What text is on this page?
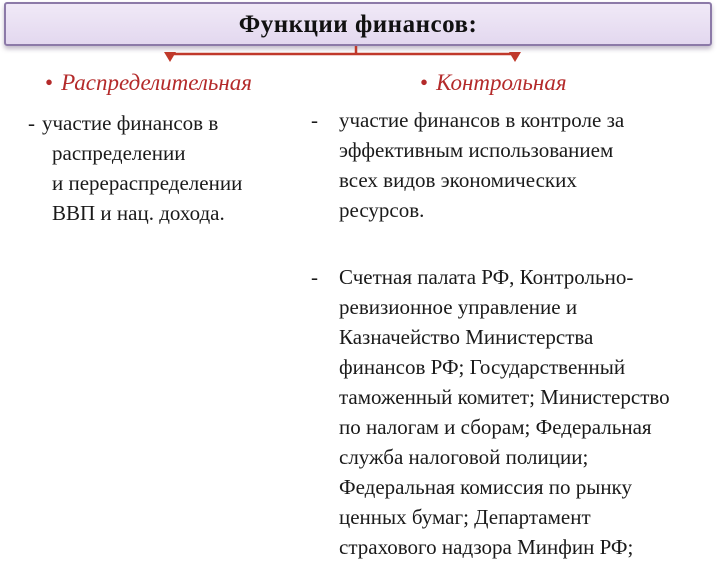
Функции финансов:
• Распределительная	• Контрольная
- участие финансов в
распределении
и перераспределении
ВВП и нац. дохода.
-	участие финансов в контроле за
эффективным использованием
всех видов экономических
ресурсов.
-	Счетная палата РФ, Контрольно-
ревизионное управление и
Казначейство Министерства
финансов РФ; Государственный
таможенный комитет; Министерство
по налогам и сборам; Федеральная
служба налоговой полиции;
Федеральная комиссия по рынку
ценных бумаг; Департамент
страхового надзора Минфин РФ;
